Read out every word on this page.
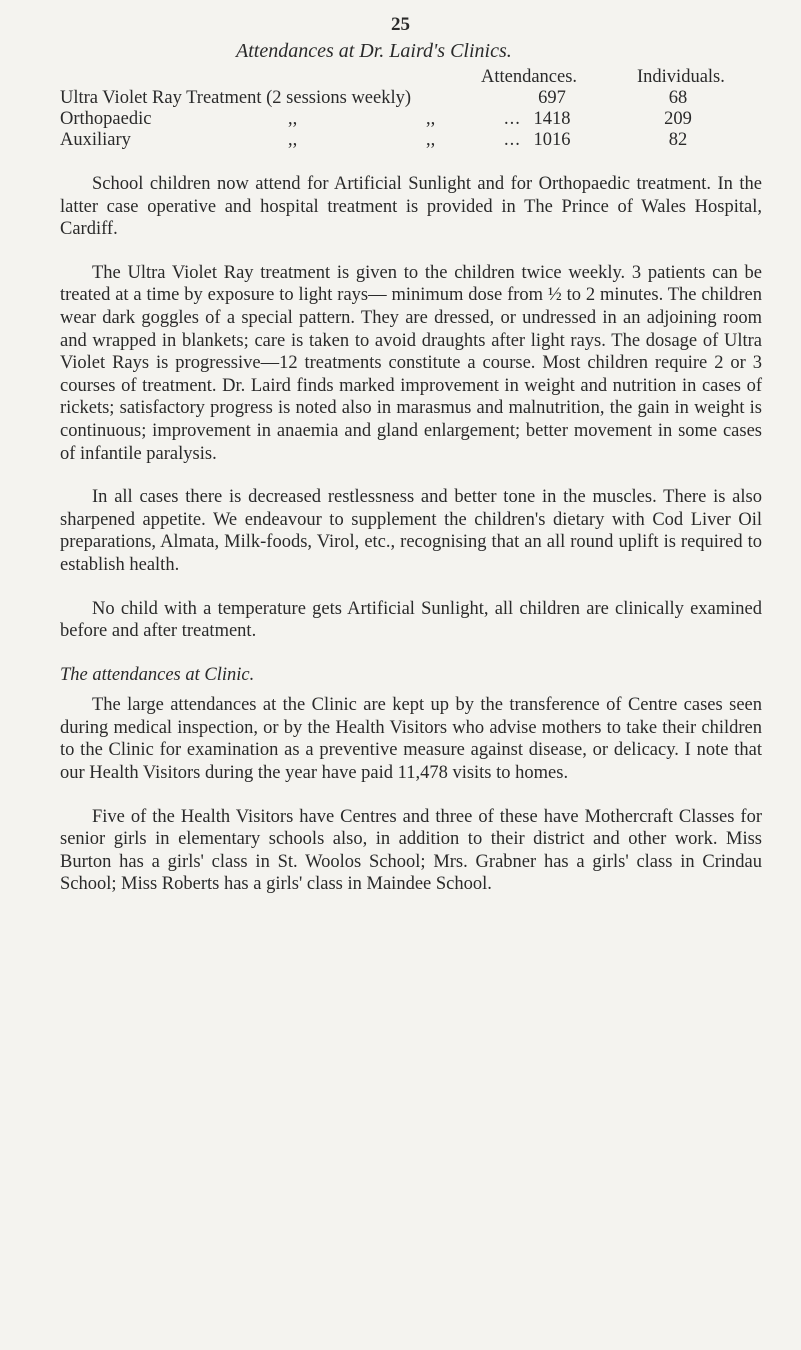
25
Attendances at Dr. Laird's Clinics.
Attendances.	Individuals.
Ultra Violet Ray Treatment (2 sessions weekly)	697	68
Orthopaedic	,,	,,	... 1418	209
Auxiliary	,,	,,	... 1016	82

School children now attend for Artificial Sunlight and for Orthopaedic treatment. In the latter case operative and hospital treatment is provided in The Prince of Wales Hospital, Cardiff.

The Ultra Violet Ray treatment is given to the children twice weekly. 3 patients can be treated at a time by exposure to light rays— minimum dose from ½ to 2 minutes. The children wear dark goggles of a special pattern. They are dressed, or undressed in an adjoining room and wrapped in blankets; care is taken to avoid draughts after light rays. The dosage of Ultra Violet Rays is progressive—12 treatments constitute a course. Most children require 2 or 3 courses of treatment. Dr. Laird finds marked improvement in weight and nutrition in cases of rickets; satisfactory progress is noted also in marasmus and malnutrition, the gain in weight is continuous; improvement in anaemia and gland enlargement; better movement in some cases of infantile paralysis.

In all cases there is decreased restlessness and better tone in the muscles. There is also sharpened appetite. We endeavour to supplement the children's dietary with Cod Liver Oil preparations, Almata, Milk-foods, Virol, etc., recognising that an all round uplift is required to establish health.

No child with a temperature gets Artificial Sunlight, all children are clinically examined before and after treatment.

The attendances at Clinic.

The large attendances at the Clinic are kept up by the transference of Centre cases seen during medical inspection, or by the Health Visitors who advise mothers to take their children to the Clinic for examination as a preventive measure against disease, or delicacy. I note that our Health Visitors during the year have paid 11,478 visits to homes.

Five of the Health Visitors have Centres and three of these have Mothercraft Classes for senior girls in elementary schools also, in addition to their district and other work. Miss Burton has a girls' class in St. Woolos School; Mrs. Grabner has a girls' class in Crindau School; Miss Roberts has a girls' class in Maindee School.
